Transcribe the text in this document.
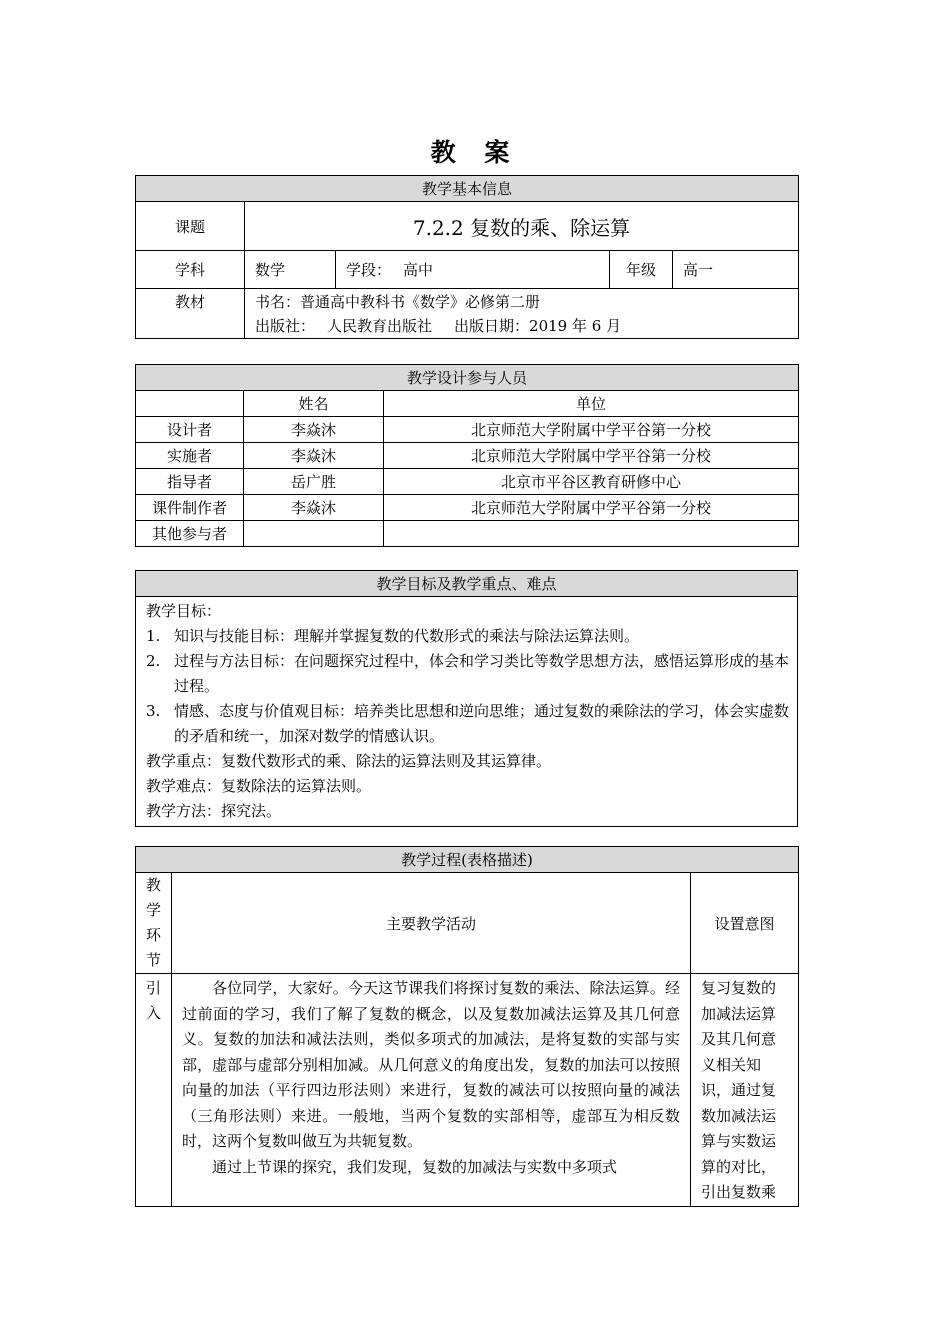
教 案
教学基本信息				
课题	7.2.2 复数的乘、除运算			
学科	数学	学段： 高中	年级	高一
教材	书名：普通高中教科书《数学》必修第二册
出版社： 人民教育出版社 出版日期：2019 年 6 月			
教学设计参与人员		
	姓名	单位
设计者	李焱沐	北京师范大学附属中学平谷第一分校
实施者	李焱沐	北京师范大学附属中学平谷第一分校
指导者	岳广胜	北京市平谷区教育研修中心
课件制作者	李焱沐	北京师范大学附属中学平谷第一分校
其他参与者		
教学目标及教学重点、难点

教学目标：
1. 知识与技能目标：理解并掌握复数的代数形式的乘法与除法运算法则。
2. 过程与方法目标：在问题探究过程中，体会和学习类比等数学思想方法，感悟运算形成的基本过程。
3. 情感、态度与价值观目标：培养类比思想和逆向思维；通过复数的乘除法的学习，体会实虚数的矛盾和统一，加深对数学的情感认识。
教学重点：复数代数形式的乘、除法的运算法则及其运算律。
教学难点：复数除法的运算法则。
教学方法：探究法。
教学过程(表格描述)		
教学环节	主要教学活动	设置意图
引入	各位同学，大家好。今天这节课我们将探讨复数的乘法、除法运算。经过前面的学习，我们了解了复数的概念，以及复数加减法运算及其几何意义。复数的加法和减法法则，类似多项式的加减法，是将复数的实部与实部，虚部与虚部分别相加减。从几何意义的角度出发，复数的加法可以按照向量的加法（平行四边形法则）来进行，复数的减法可以按照向量的减法（三角形法则）来进。一般地，当两个复数的实部相等，虚部互为相反数时，这两个复数叫做互为共轭复数。

通过上节课的探究，我们发现，复数的加减法与实数中多项式	复习复数的加减法运算及其几何意义相关知识，通过复数加减法运算与实数运算的对比，引出复数乘
